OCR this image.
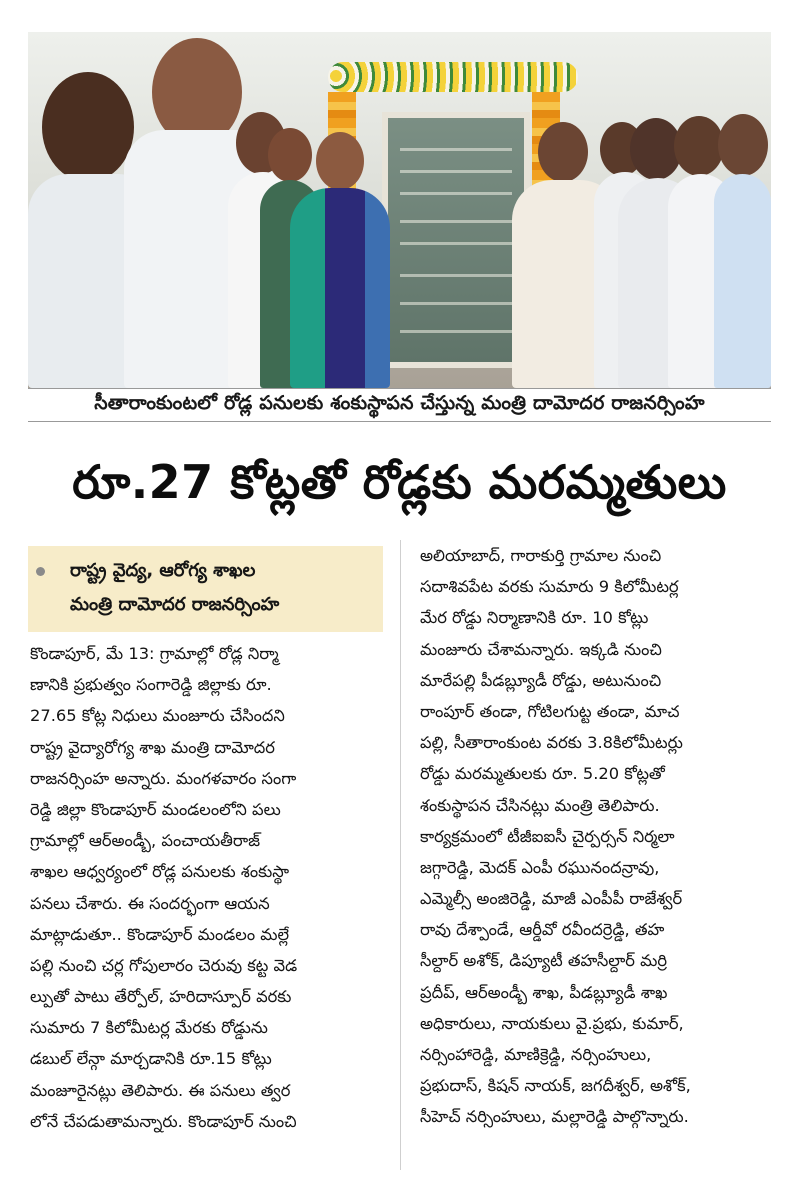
సీతారాంకుంటలో రోడ్ల పనులకు శంకుస్థాపన చేస్తున్న మంత్రి దామోదర రాజనర్సింహ
రూ.27 కోట్లతో రోడ్లకు మరమ్మతులు
రాష్ట్ర వైద్య, ఆరోగ్య శాఖల
మంత్రి దామోదర రాజనర్సింహ
కొండాపూర్, మే 13: గ్రామాల్లో రోడ్ల నిర్మా
ణానికి ప్రభుత్వం సంగారెడ్డి జిల్లాకు రూ.
27.65 కోట్ల నిధులు మంజూరు చేసిందని
రాష్ట్ర వైద్యారోగ్య శాఖ మంత్రి దామోదర
రాజనర్సింహ అన్నారు. మంగళవారం సంగా
రెడ్డి జిల్లా కొండాపూర్ మండలంలోని పలు
గ్రామాల్లో ఆర్అండ్బీ, పంచాయతీరాజ్
శాఖల ఆధ్వర్యంలో రోడ్ల పనులకు శంకుస్థా
పనలు చేశారు. ఈ సందర్భంగా ఆయన
మాట్లాడుతూ.. కొండాపూర్ మండలం మల్లే
పల్లి నుంచి చర్ల గోపులారం చెరువు కట్ట వెడ
ల్పుతో పాటు తేర్పోల్, హరిదాస్పూర్ వరకు
సుమారు 7 కిలోమీటర్ల మేరకు రోడ్డును
డబుల్ లేన్గా మార్చడానికి రూ.15 కోట్లు
మంజూరైనట్లు తెలిపారు. ఈ పనులు త్వర
లోనే చేపడుతామన్నారు. కొండాపూర్ నుంచి
అలియాబాద్, గారాకుర్తి గ్రామాల నుంచి
సదాశివపేట వరకు సుమారు 9 కిలోమీటర్ల
మేర రోడ్డు నిర్మాణానికి రూ. 10 కోట్లు
మంజూరు చేశామన్నారు. ఇక్కడి నుంచి
మారేపల్లి పీడబ్ల్యూడీ రోడ్డు, అటునుంచి
రాంపూర్ తండా, గోటిలగుట్ట తండా, మాచ
పల్లి, సీతారాంకుంట వరకు 3.8కిలోమీటర్లు
రోడ్డు మరమ్మతులకు రూ. 5.20 కోట్లతో
శంకుస్థాపన చేసినట్లు మంత్రి తెలిపారు.
కార్యక్రమంలో టీజీఐఐసీ చైర్పర్సన్ నిర్మలా
జగ్గారెడ్డి, మెదక్ ఎంపీ రఘునందన్రావు,
ఎమ్మెల్సీ అంజిరెడ్డి, మాజీ ఎంపీపీ రాజేశ్వర్
రావు దేశ్పాండే, ఆర్డీవో రవీందర్రెడ్డి, తహ
సీల్దార్ అశోక్, డిప్యూటీ తహసీల్దార్ మర్రి
ప్రదీప్, ఆర్అండ్బీ శాఖ, పీడబ్ల్యూడీ శాఖ
అధికారులు, నాయకులు వై.ప్రభు, కుమార్,
నర్సింహారెడ్డి, మాణిక్రెడ్డి, నర్సింహులు,
ప్రభుదాస్, కిషన్ నాయక్, జగదీశ్వర్, అశోక్,
సీహెచ్ నర్సింహులు, మల్లారెడ్డి పాల్గొన్నారు.
